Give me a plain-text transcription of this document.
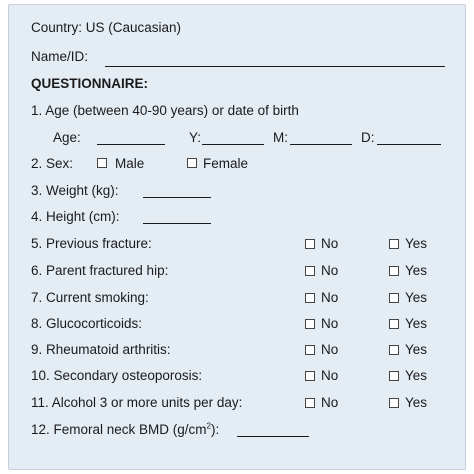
Country: US (Caucasian)
Name/ID:
QUESTIONNAIRE:
1. Age (between 40-90 years) or date of birth
Age:	Y:	M:	D:
2. Sex:	Male	Female
3. Weight (kg):
4. Height (cm):
5. Previous fracture:	No	Yes
6. Parent fractured hip:	No	Yes
7. Current smoking:	No	Yes
8. Glucocorticoids:	No	Yes
9. Rheumatoid arthritis:	No	Yes
10. Secondary osteoporosis:	No	Yes
11. Alcohol 3 or more units per day:	No	Yes
12. Femoral neck BMD $(g/cm^2)$:
